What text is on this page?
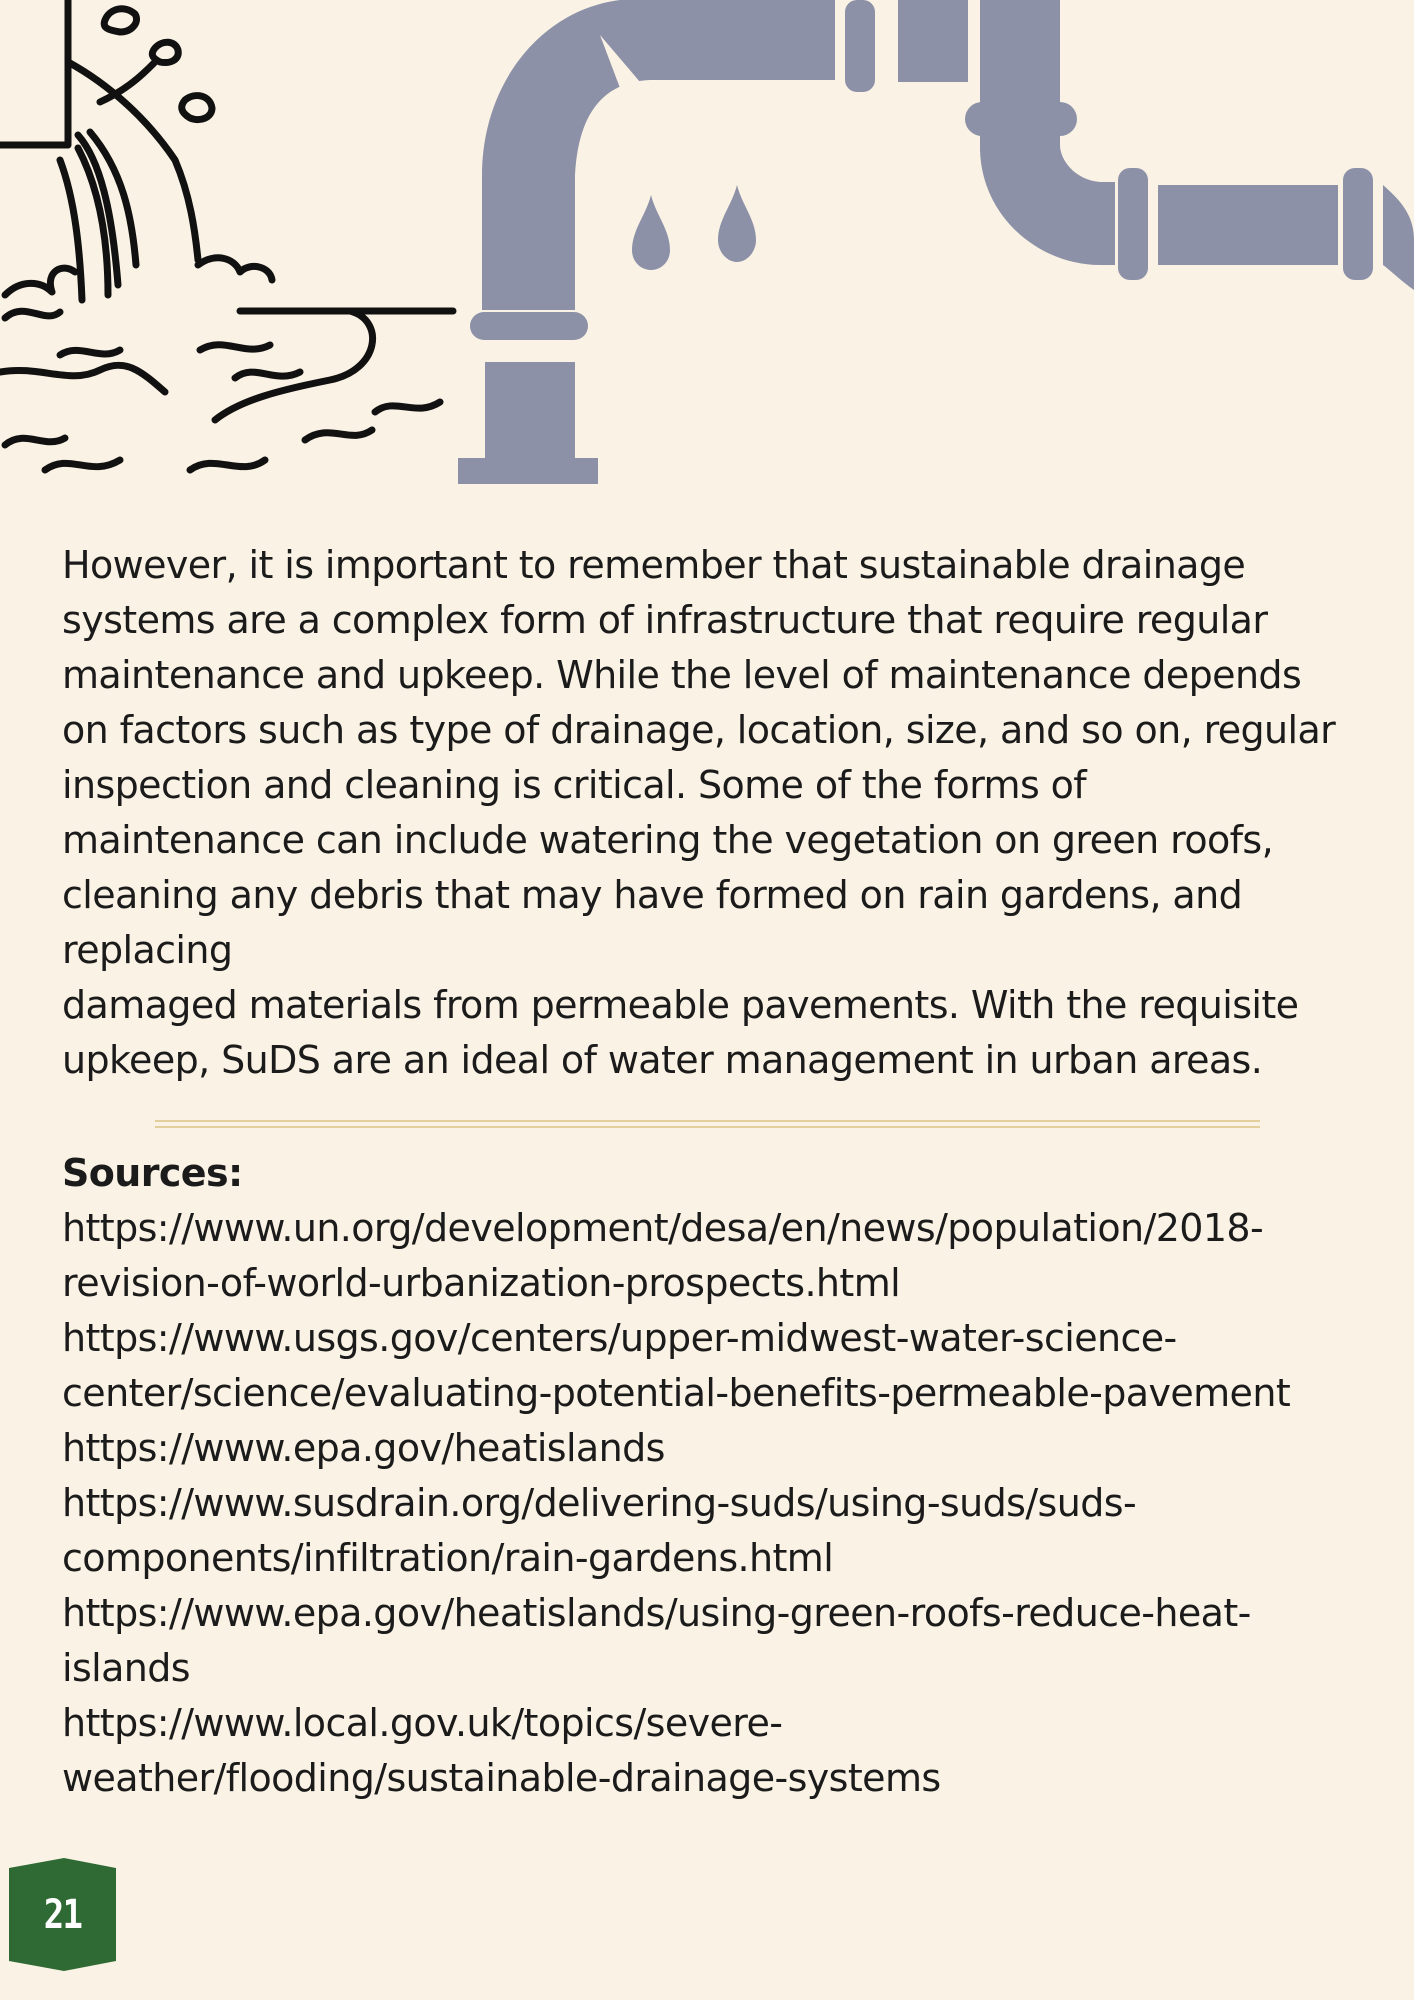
However, it is important to remember that sustainable drainage
systems are a complex form of infrastructure that require regular
maintenance and upkeep. While the level of maintenance depends
on factors such as type of drainage, location, size, and so on, regular
inspection and cleaning is critical. Some of the forms of
maintenance can include watering the vegetation on green roofs,
cleaning any debris that may have formed on rain gardens, and
replacing
damaged materials from permeable pavements. With the requisite
upkeep, SuDS are an ideal of water management in urban areas.

Sources:
https://www.un.org/development/desa/en/news/population/2018-
revision-of-world-urbanization-prospects.html
https://www.usgs.gov/centers/upper-midwest-water-science-
center/science/evaluating-potential-benefits-permeable-pavement
https://www.epa.gov/heatislands
https://www.susdrain.org/delivering-suds/using-suds/suds-
components/infiltration/rain-gardens.html
https://www.epa.gov/heatislands/using-green-roofs-reduce-heat-
islands
https://www.local.gov.uk/topics/severe-
weather/flooding/sustainable-drainage-systems
21
